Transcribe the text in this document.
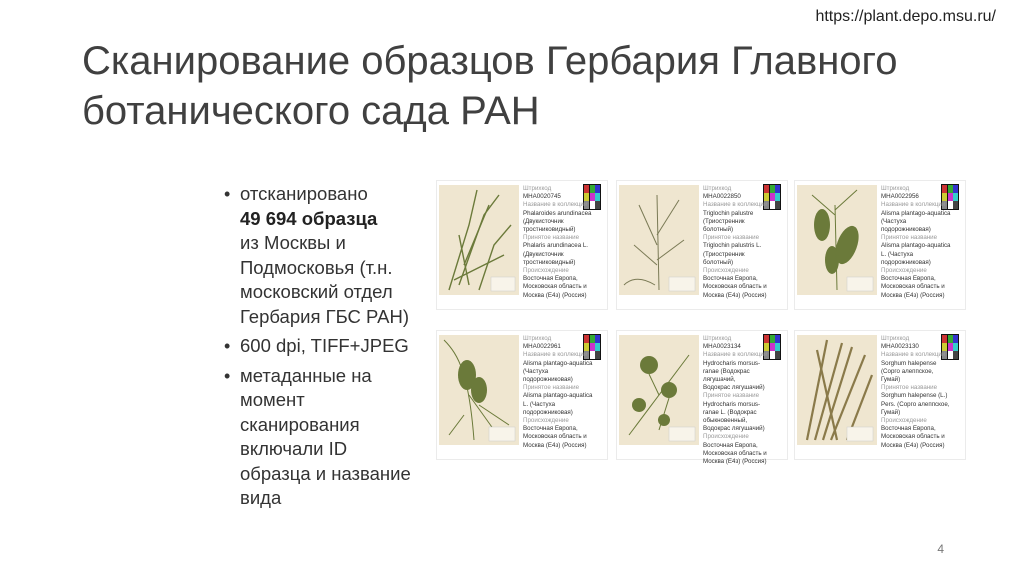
https://plant.depo.msu.ru/
Сканирование образцов Гербария Главного
ботанического сада РАН
• отсканировано
49 694 образца
из Москвы и Подмосковья (т.н. московский отдел Гербария ГБС РАН)
• 600 dpi, TIFF+JPEG
• метаданные на момент сканирования включали ID образца и название вида
Штрихкод
MHA0020745
Название в коллекции
Phalaroides arundinacea
(Двукисточник
тростниковидный)
Принятое название
Phalaris arundinacea L.
(Двукисточник
тростниковидный)
Происхождение
Восточная Европа,
Московская область и
Москва (Е4з) (Россия)
Штрихкод
MHA0022850
Название в коллекции
Triglochin palustre
(Триостренник
болотный)
Принятое название
Triglochin palustris L.
(Триостренник
болотный)
Происхождение
Восточная Европа,
Московская область и
Москва (Е4з) (Россия)
Штрихкод
MHA0022956
Название в коллекции
Alisma plantago-aquatica
(Частуха
подорожниковая)
Принятое название
Alisma plantago-aquatica
L. (Частуха
подорожниковая)
Происхождение
Восточная Европа,
Московская область и
Москва (Е4з) (Россия)
Штрихкод
MHA0022961
Название в коллекции
Alisma plantago-aquatica
(Частуха
подорожниковая)
Принятое название
Alisma plantago-aquatica
L. (Частуха
подорожниковая)
Происхождение
Восточная Европа,
Московская область и
Москва (Е4з) (Россия)
Штрихкод
MHA0023134
Название в коллекции
Hydrocharis morsus-
ranae (Водокрас
лягушачий,
Водокрас лягушачий)
Принятое название
Hydrocharis morsus-
ranae L. (Водокрас
обыкновенный,
Водокрас лягушачий)
Происхождение
Восточная Европа,
Московская область и
Москва (Е4з) (Россия)
Штрихкод
MHA0023130
Название в коллекции
Sorghum halepense
(Сорго алеппское,
Гумай)
Принятое название
Sorghum halepense (L.)
Pers. (Сорго алеппское,
Гумай)
Происхождение
Восточная Европа,
Московская область и
Москва (Е4з) (Россия)
4
